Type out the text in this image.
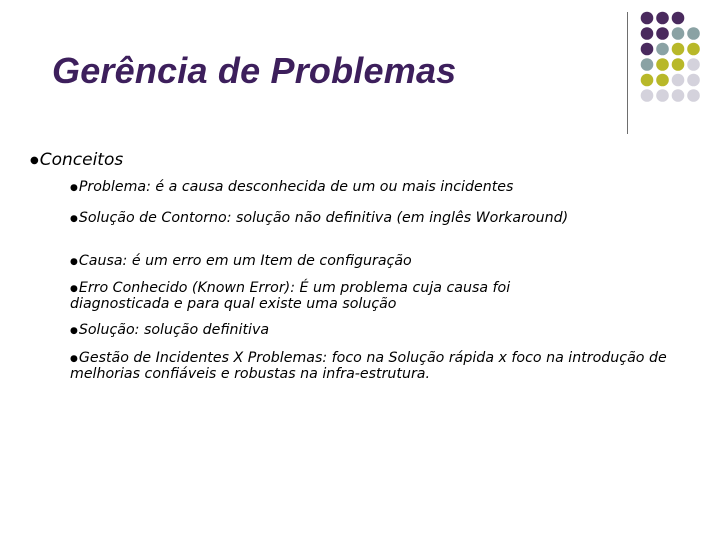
Gerência de Problemas
●Conceitos
●Problema: é a causa desconhecida de um ou mais incidentes
●Solução de Contorno: solução não definitiva (em inglês Workaround)
●Causa: é um erro em um Item de configuração
●Erro Conhecido (Known Error): É um problema cuja causa foi diagnosticada e para qual existe uma solução
●Solução: solução definitiva
●Gestão de Incidentes X Problemas: foco na Solução rápida x foco na introdução de melhorias confiáveis e robustas na infra-estrutura.
